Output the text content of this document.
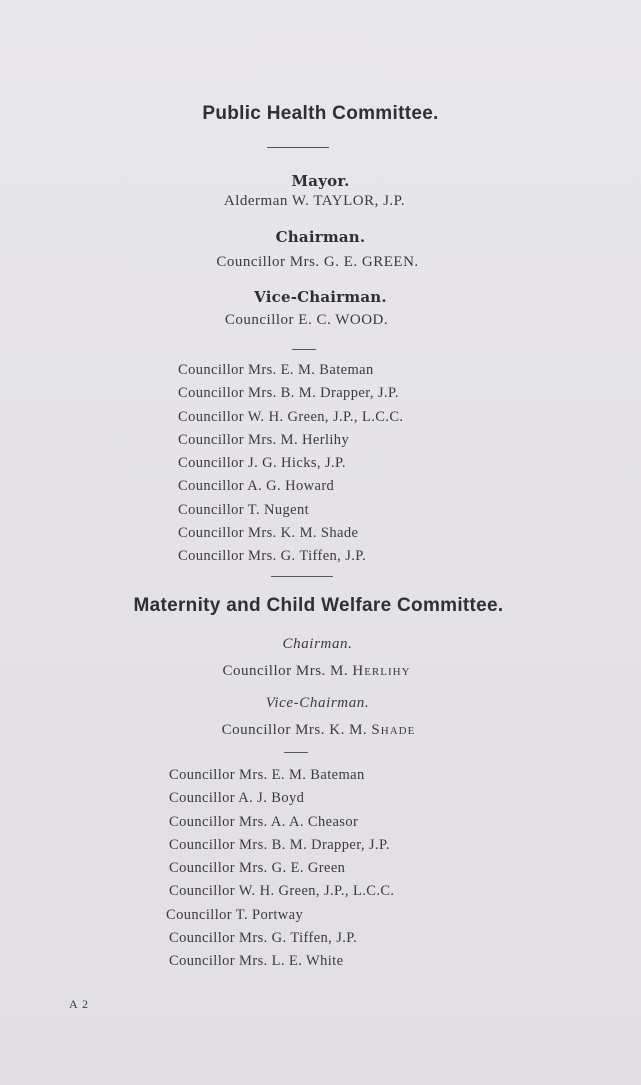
Public Health Committee.
Mayor.
Alderman W. TAYLOR, J.P.
Chairman.
Councillor Mrs. G. E. GREEN.
Vice-Chairman.
Councillor E. C. WOOD.
Councillor Mrs. E. M. Bateman
Councillor Mrs. B. M. Drapper, J.P.
Councillor W. H. Green, J.P., L.C.C.
Councillor Mrs. M. Herlihy
Councillor J. G. Hicks, J.P.
Councillor A. G. Howard
Councillor T. Nugent
Councillor Mrs. K. M. Shade
Councillor Mrs. G. Tiffen, J.P.
Maternity and Child Welfare Committee.
Chairman.
Councillor Mrs. M. Herlihy
Vice-Chairman.
Councillor Mrs. K. M. Shade
Councillor Mrs. E. M. Bateman
Councillor A. J. Boyd
Councillor Mrs. A. A. Cheasor
Councillor Mrs. B. M. Drapper, J.P.
Councillor Mrs. G. E. Green
Councillor W. H. Green, J.P., L.C.C.
Councillor T. Portway
Councillor Mrs. G. Tiffen, J.P.
Councillor Mrs. L. E. White
A 2
